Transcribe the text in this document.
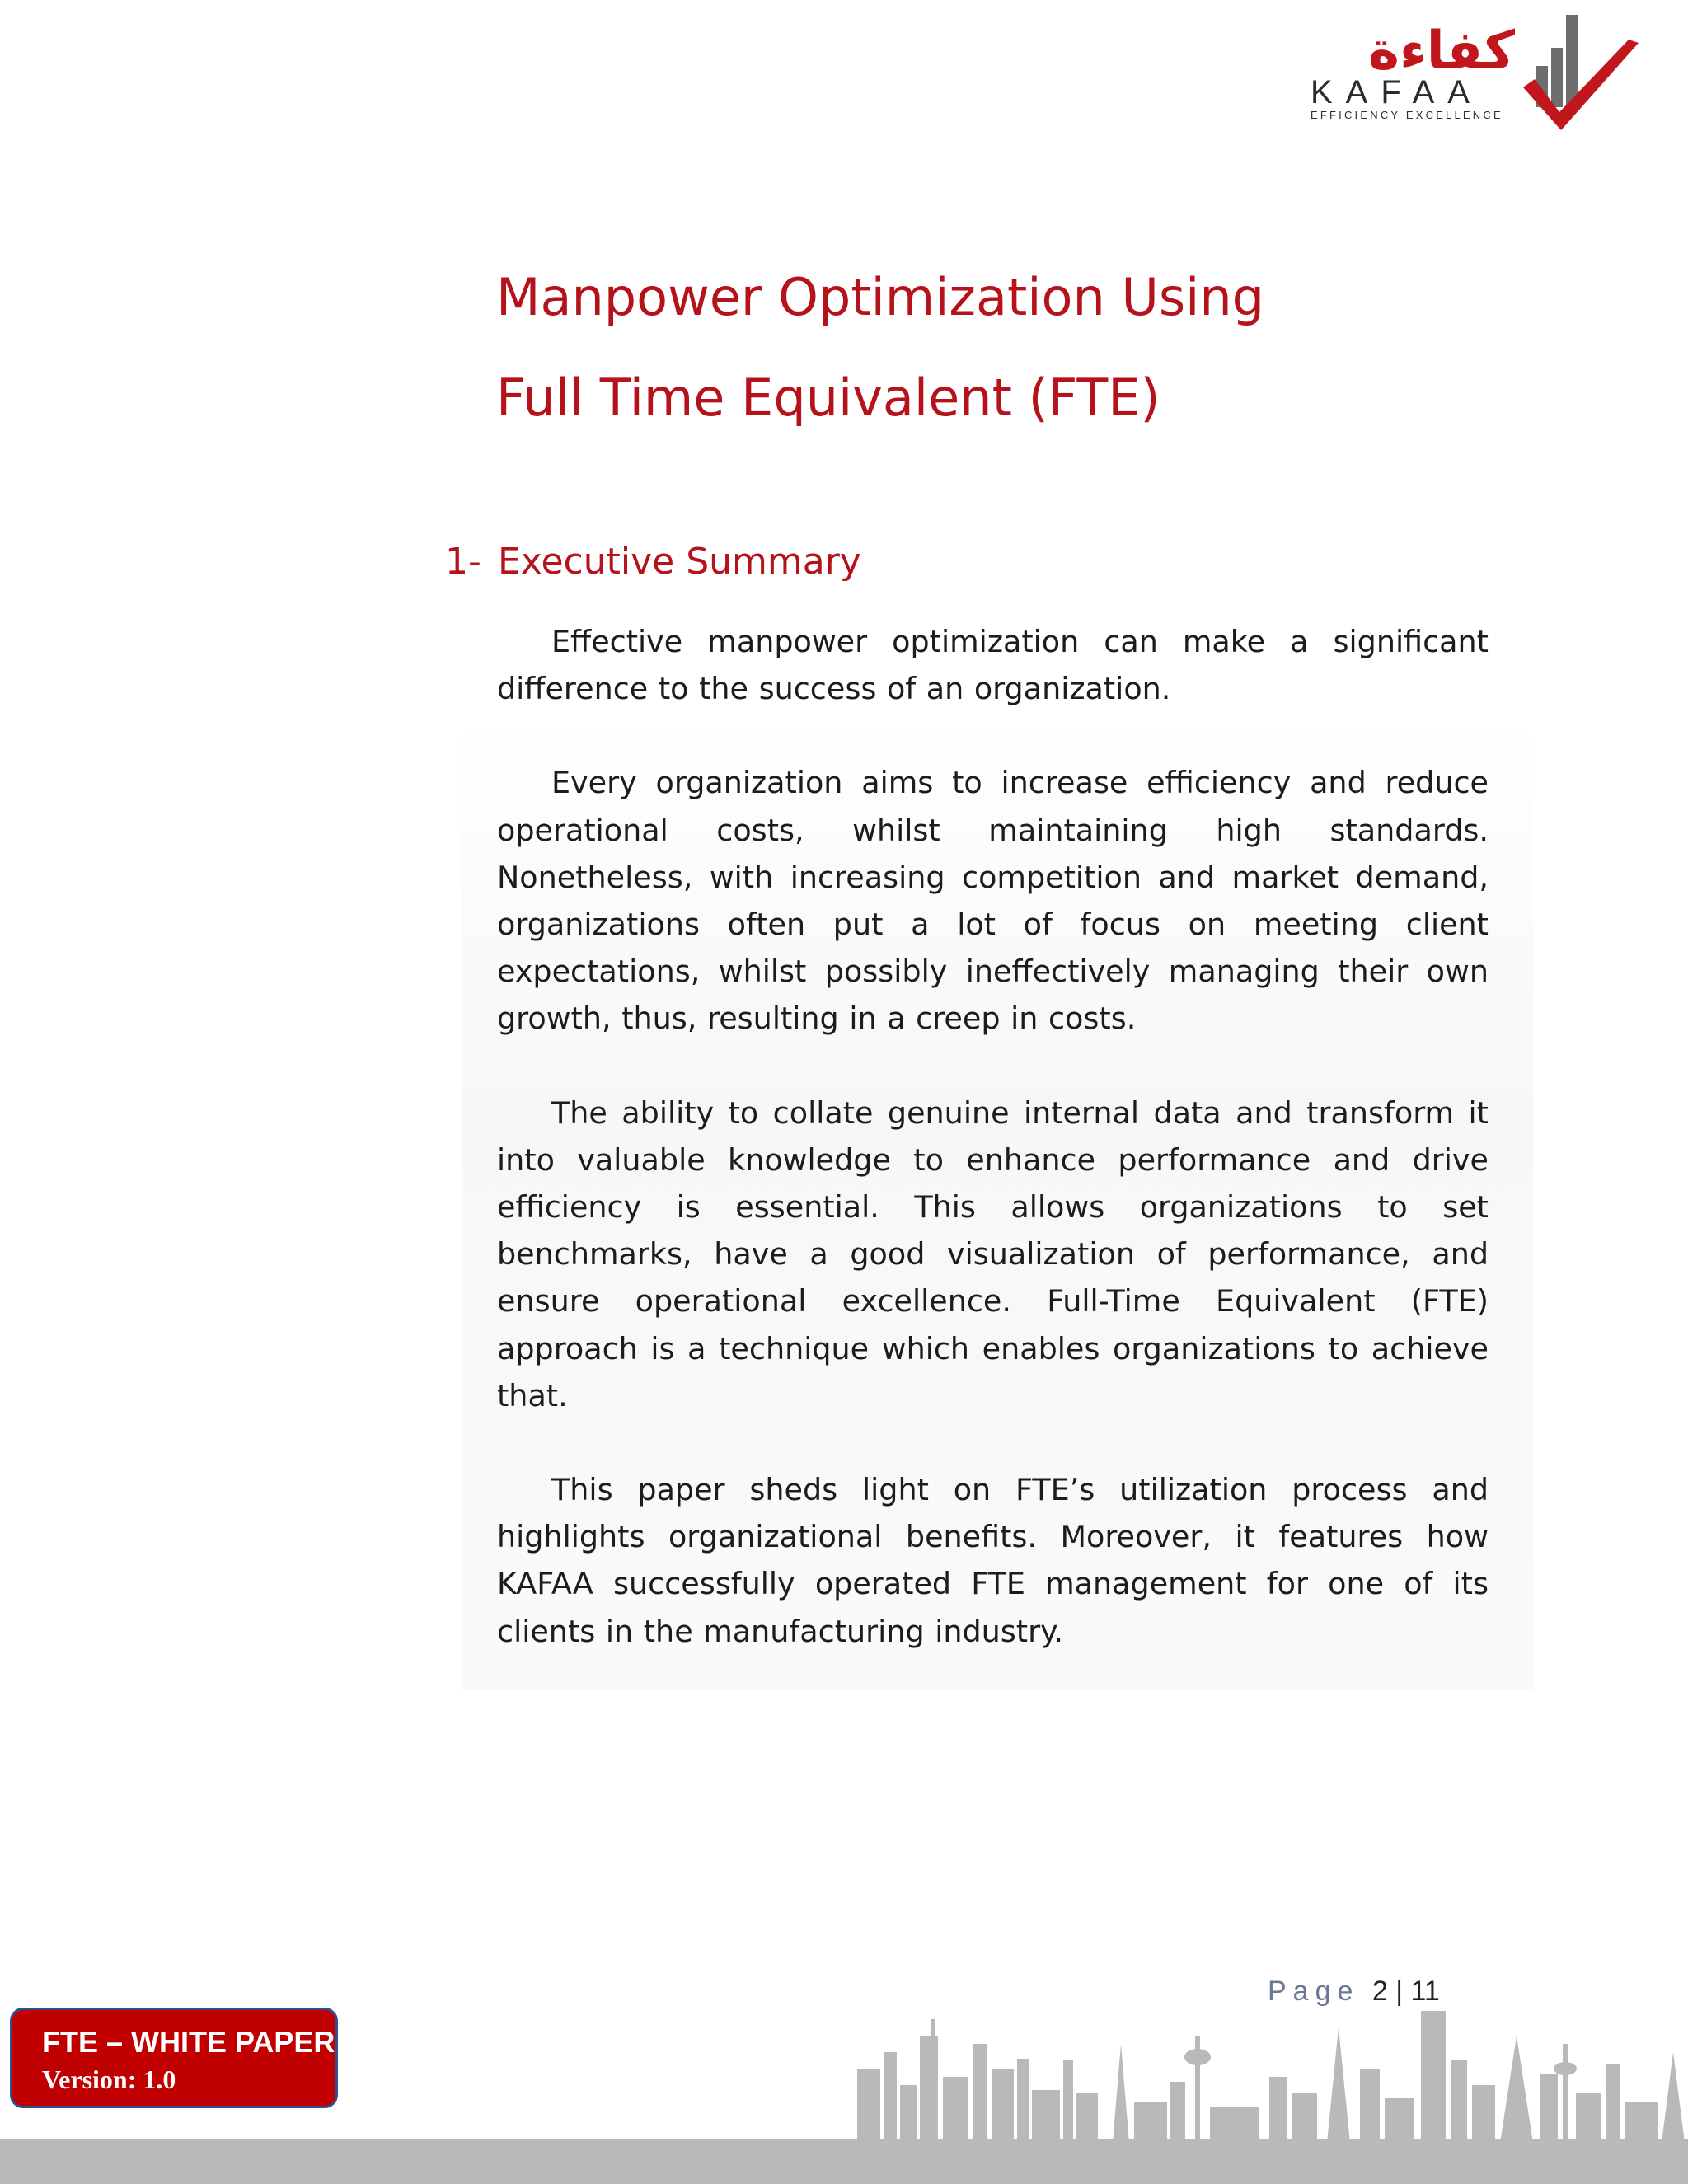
كفاءة
KAFAA
EFFICIENCY EXCELLENCE
Manpower Optimization Using
Full Time Equivalent (FTE)
1- Executive Summary

Effective manpower optimization can make a significant difference to the success of an organization.

Every organization aims to increase efficiency and reduce operational costs, whilst maintaining high standards. Nonetheless, with increasing competition and market demand, organizations often put a lot of focus on meeting client expectations, whilst possibly ineffectively managing their own growth, thus, resulting in a creep in costs.

The ability to collate genuine internal data and transform it into valuable knowledge to enhance performance and drive efficiency is essential. This allows organizations to set benchmarks, have a good visualization of performance, and ensure operational excellence. Full-Time Equivalent (FTE) approach is a technique which enables organizations to achieve that.

This paper sheds light on FTE’s utilization process and highlights organizational benefits. Moreover, it features how KAFAA successfully operated FTE management for one of its clients in the manufacturing industry.

Page 2 | 11
FTE – WHITE PAPER
Version: 1.0
